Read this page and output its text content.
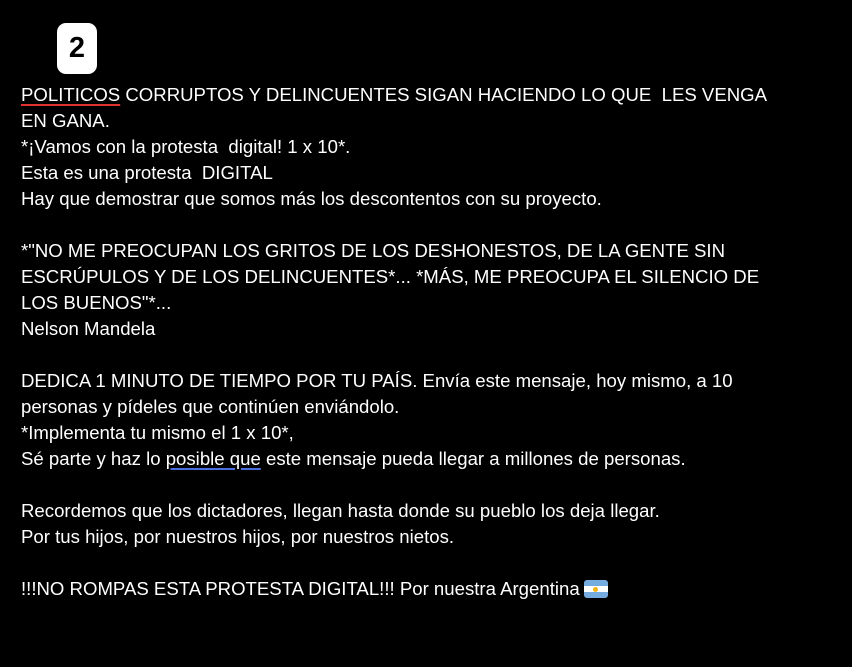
2
POLITICOS CORRUPTOS Y DELINCUENTES SIGAN HACIENDO LO QUE  LES VENGA
EN GANA.
*¡Vamos con la protesta  digital! 1 x 10*.
Esta es una protesta  DIGITAL
Hay que demostrar que somos más los descontentos con su proyecto.
*"NO ME PREOCUPAN LOS GRITOS DE LOS DESHONESTOS, DE LA GENTE SIN
ESCRÚPULOS Y DE LOS DELINCUENTES*... *MÁS, ME PREOCUPA EL SILENCIO DE
LOS BUENOS"*...
Nelson Mandela
DEDICA 1 MINUTO DE TIEMPO POR TU PAÍS. Envía este mensaje, hoy mismo, a 10
personas y pídeles que continúen enviándolo.
*Implementa tu mismo el 1 x 10*,
Sé parte y haz lo posible que este mensaje pueda llegar a millones de personas.
Recordemos que los dictadores, llegan hasta donde su pueblo los deja llegar.
Por tus hijos, por nuestros hijos, por nuestros nietos.
!!!NO ROMPAS ESTA PROTESTA DIGITAL!!! Por nuestra Argentina
